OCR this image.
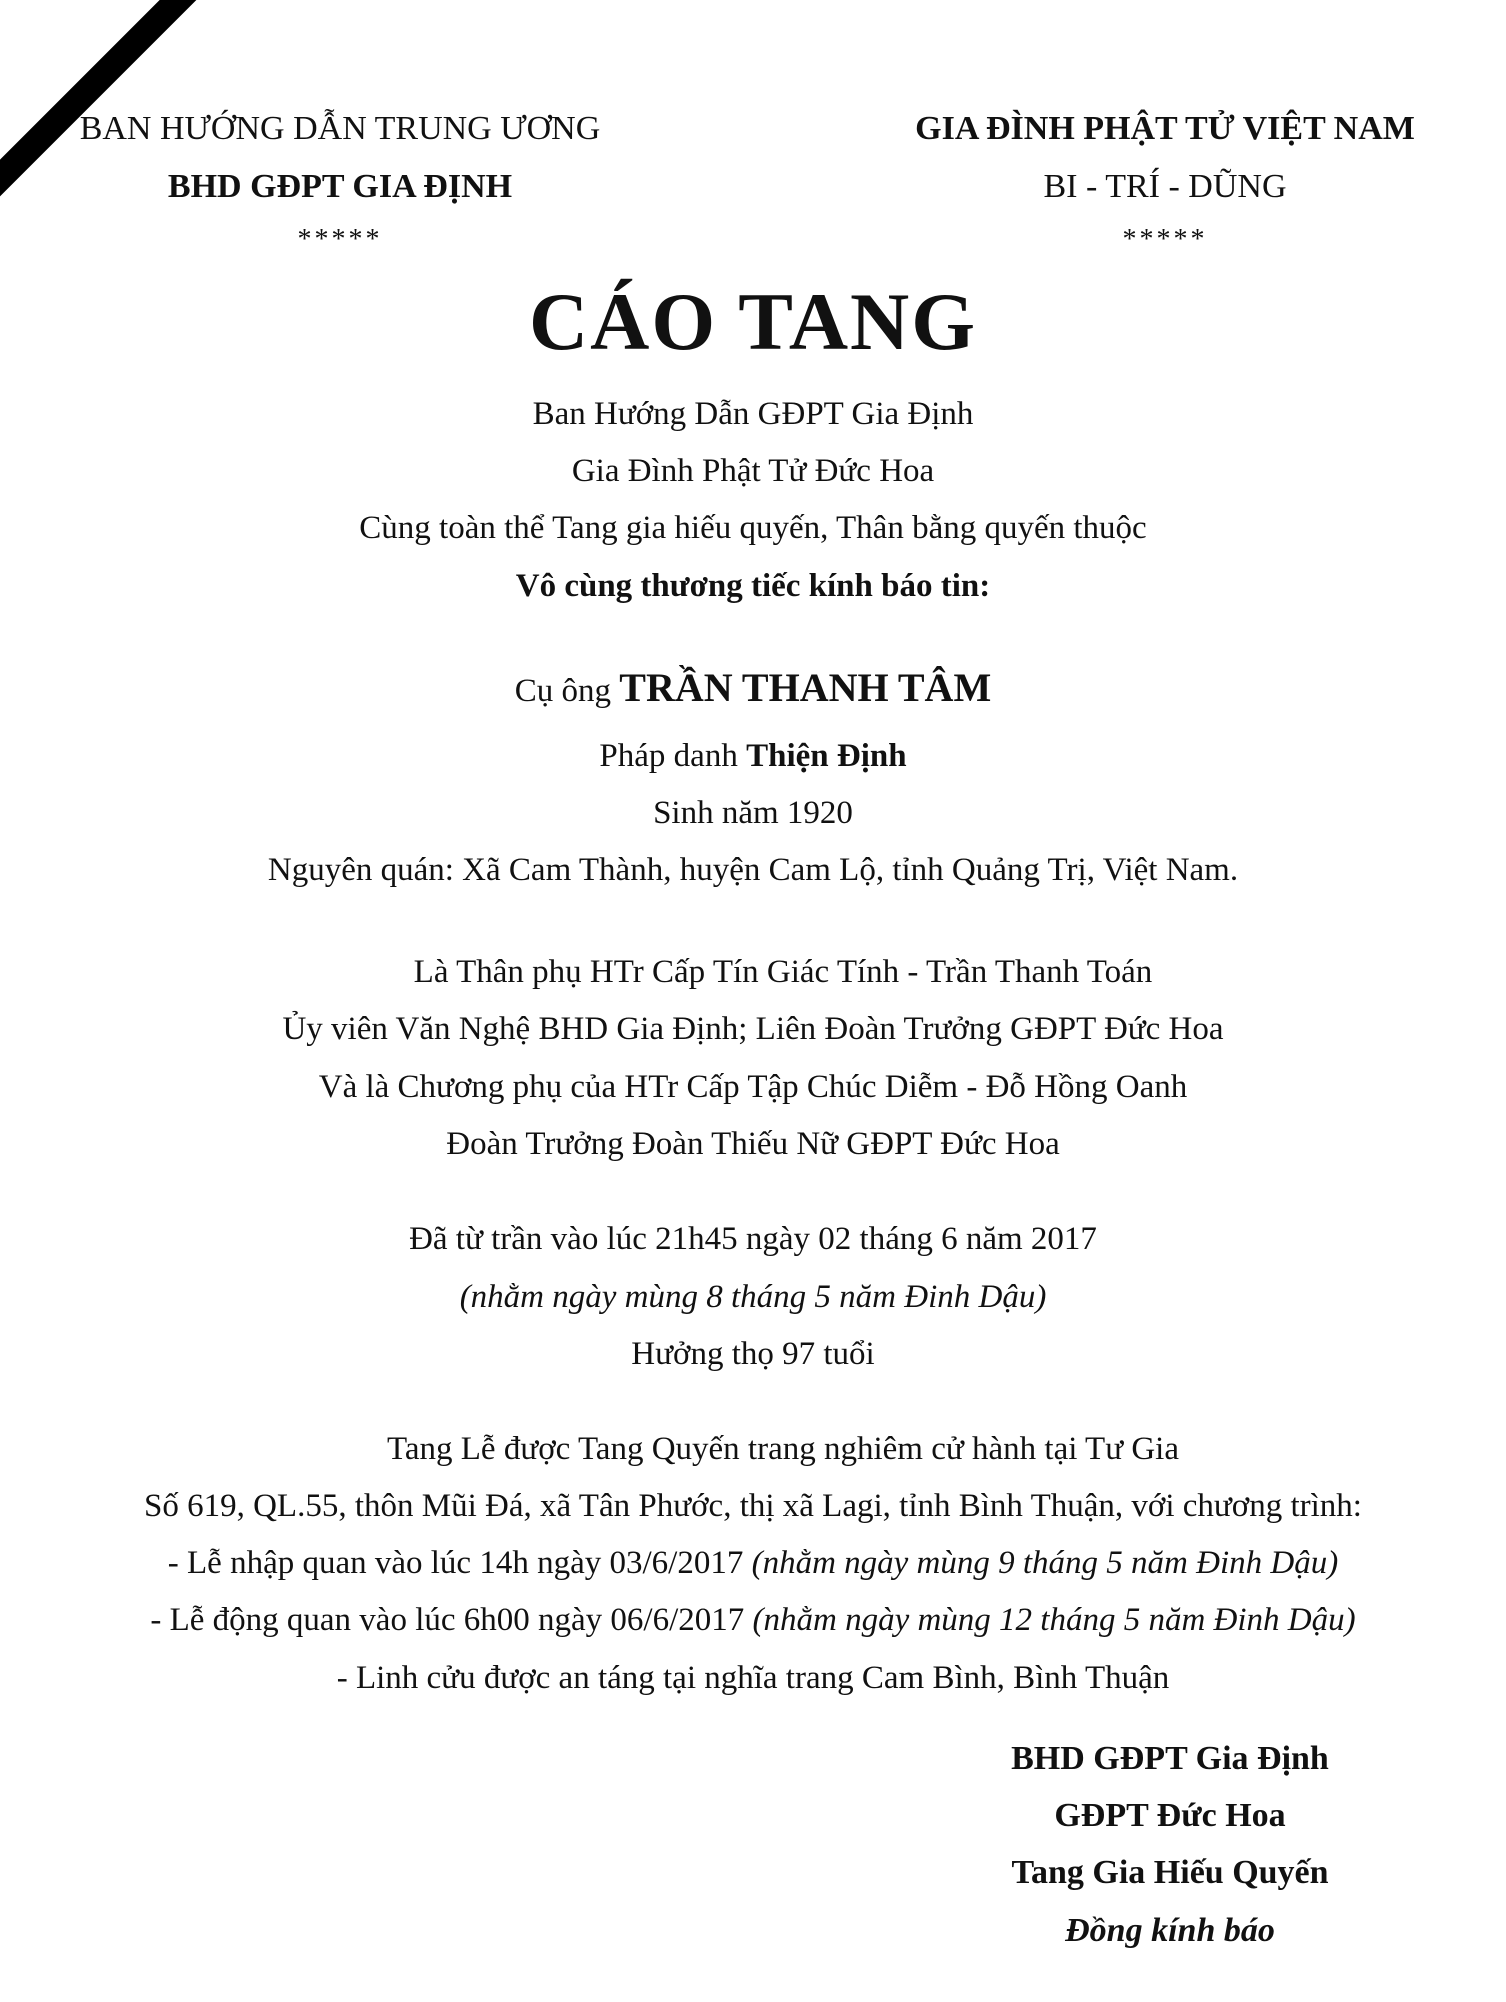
BAN HƯỚNG DẪN TRUNG ƯƠNG
BHD GĐPT GIA ĐỊNH
*****
GIA ĐÌNH PHẬT TỬ VIỆT NAM
BI - TRÍ - DŨNG
*****
CÁO TANG
Ban Hướng Dẫn GĐPT Gia Định
Gia Đình Phật Tử Đức Hoa
Cùng toàn thể Tang gia hiếu quyến, Thân bằng quyến thuộc
Vô cùng thương tiếc kính báo tin:
Cụ ông TRẦN THANH TÂM
Pháp danh Thiện Định
Sinh năm 1920
Nguyên quán: Xã Cam Thành, huyện Cam Lộ, tỉnh Quảng Trị, Việt Nam.
Là Thân phụ HTr Cấp Tín Giác Tính - Trần Thanh Toán
Ủy viên Văn Nghệ BHD Gia Định; Liên Đoàn Trưởng GĐPT Đức Hoa
Và là Chương phụ của HTr Cấp Tập Chúc Diễm - Đỗ Hồng Oanh
Đoàn Trưởng Đoàn Thiếu Nữ GĐPT Đức Hoa
Đã từ trần vào lúc 21h45 ngày 02 tháng 6 năm 2017
(nhằm ngày mùng 8 tháng 5 năm Đinh Dậu)
Hưởng thọ 97 tuổi
Tang Lễ được Tang Quyến trang nghiêm cử hành tại Tư Gia
Số 619, QL.55, thôn Mũi Đá, xã Tân Phước, thị xã Lagi, tỉnh Bình Thuận, với chương trình:
- Lễ nhập quan vào lúc 14h ngày 03/6/2017 (nhằm ngày mùng 9 tháng 5 năm Đinh Dậu)
- Lễ động quan vào lúc 6h00 ngày 06/6/2017 (nhằm ngày mùng 12 tháng 5 năm Đinh Dậu)
- Linh cửu được an táng tại nghĩa trang Cam Bình, Bình Thuận
BHD GĐPT Gia Định
GĐPT Đức Hoa
Tang Gia Hiếu Quyến
Đồng kính báo
